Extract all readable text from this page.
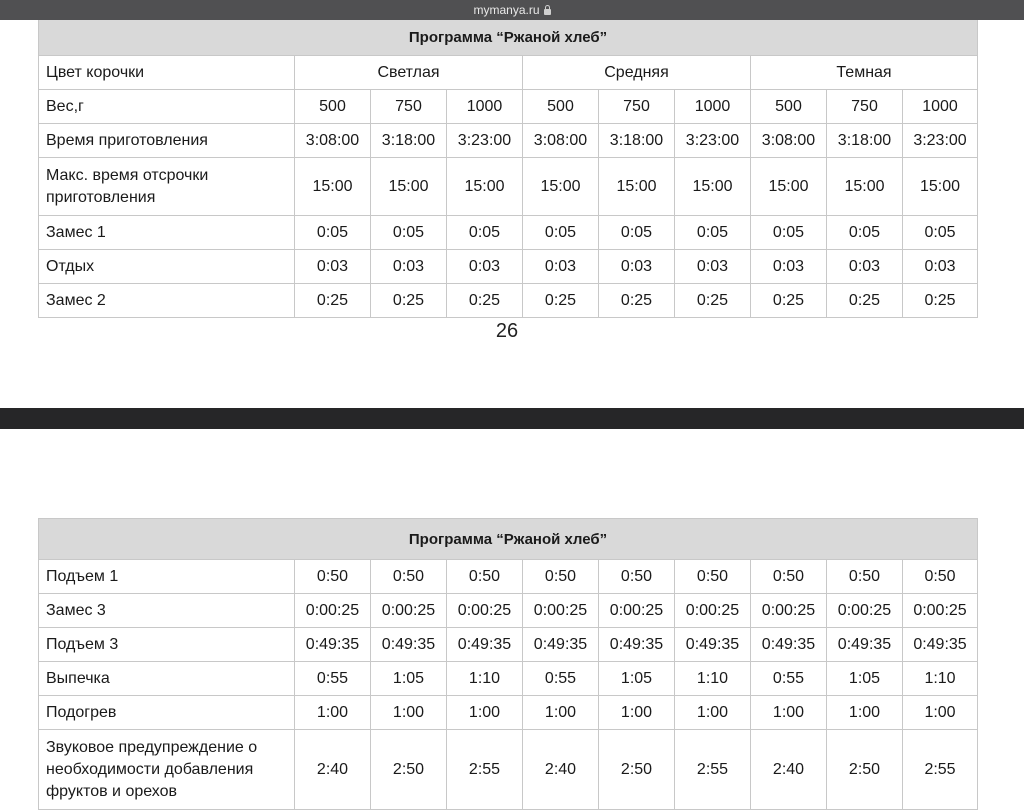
mymanya.ru
Программа “Ржаной хлеб”									
Цвет корочки	Светлая			Средняя			Темная		
Вес,г	500	750	1000	500	750	1000	500	750	1000
Время приготовления	3:08:00	3:18:00	3:23:00	3:08:00	3:18:00	3:23:00	3:08:00	3:18:00	3:23:00
Макс. время отсрочки приготовления	15:00	15:00	15:00	15:00	15:00	15:00	15:00	15:00	15:00
Замес 1	0:05	0:05	0:05	0:05	0:05	0:05	0:05	0:05	0:05
Отдых	0:03	0:03	0:03	0:03	0:03	0:03	0:03	0:03	0:03
Замес 2	0:25	0:25	0:25	0:25	0:25	0:25	0:25	0:25	0:25
26
Программа “Ржаной хлеб”									
Подъем 1	0:50	0:50	0:50	0:50	0:50	0:50	0:50	0:50	0:50
Замес 3	0:00:25	0:00:25	0:00:25	0:00:25	0:00:25	0:00:25	0:00:25	0:00:25	0:00:25
Подъем 3	0:49:35	0:49:35	0:49:35	0:49:35	0:49:35	0:49:35	0:49:35	0:49:35	0:49:35
Выпечка	0:55	1:05	1:10	0:55	1:05	1:10	0:55	1:05	1:10
Подогрев	1:00	1:00	1:00	1:00	1:00	1:00	1:00	1:00	1:00
Звуковое предупреждение о необходимости добавления фруктов и орехов	2:40	2:50	2:55	2:40	2:50	2:55	2:40	2:50	2:55
